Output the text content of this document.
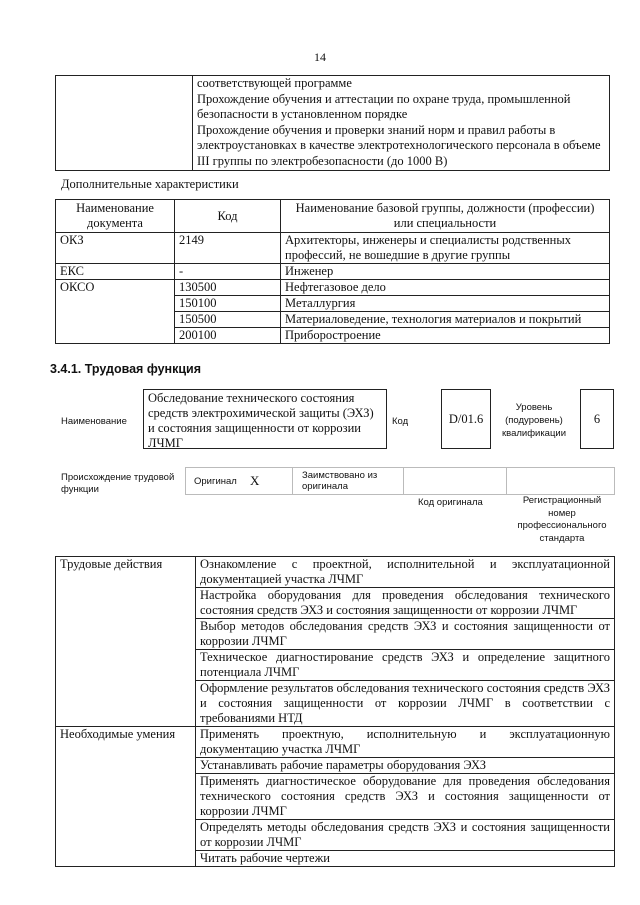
14

соответствующей программе

Прохождение обучения и аттестации по охране труда, промышленной безопасности в установленном порядке

Прохождение обучения и проверки знаний норм и правил работы в электроустановках в качестве электротехнологического персонала в объеме III группы по электробезопасности (до 1000 В)

Дополнительные характеристики
Наименование документа	Код	Наименование базовой группы, должности (профессии) или специальности
ОКЗ	2149	Архитекторы, инженеры и специалисты родственных профессий, не вошедшие в другие группы
ЕКС	-	Инженер
ОКСО	130500	Нефтегазовое дело
	150100	Металлургия
	150500	Материаловедение, технология материалов и покрытий
	200100	Приборостроение
3.4.1. Трудовая функция
Наименование
Обследование технического состояния средств электрохимической защиты (ЭХЗ) и состояния защищенности от коррозии ЛЧМГ
Код	D/01.6
Уровень (подуровень) квалификации
6
Происхождение трудовой функции
Оригинал X	Заимствовано из оригинала
Код оригинала	Регистрационный номер профессионального стандарта
Трудовые действия	Ознакомление с проектной, исполнительной и эксплуатационной документацией участка ЛЧМГ
	Настройка оборудования для проведения обследования технического состояния средств ЭХЗ и состояния защищенности от коррозии ЛЧМГ
	Выбор методов обследования средств ЭХЗ и состояния защищенности от коррозии ЛЧМГ
	Техническое диагностирование средств ЭХЗ и определение защитного потенциала ЛЧМГ
	Оформление результатов обследования технического состояния средств ЭХЗ и состояния защищенности от коррозии ЛЧМГ в соответствии с требованиями НТД
Необходимые умения	Применять проектную, исполнительную и эксплуатационную документацию участка ЛЧМГ
	Устанавливать рабочие параметры оборудования ЭХЗ
	Применять диагностическое оборудование для проведения обследования технического состояния средств ЭХЗ и состояния защищенности от коррозии ЛЧМГ
	Определять методы обследования средств ЭХЗ и состояния защищенности от коррозии ЛЧМГ
	Читать рабочие чертежи
